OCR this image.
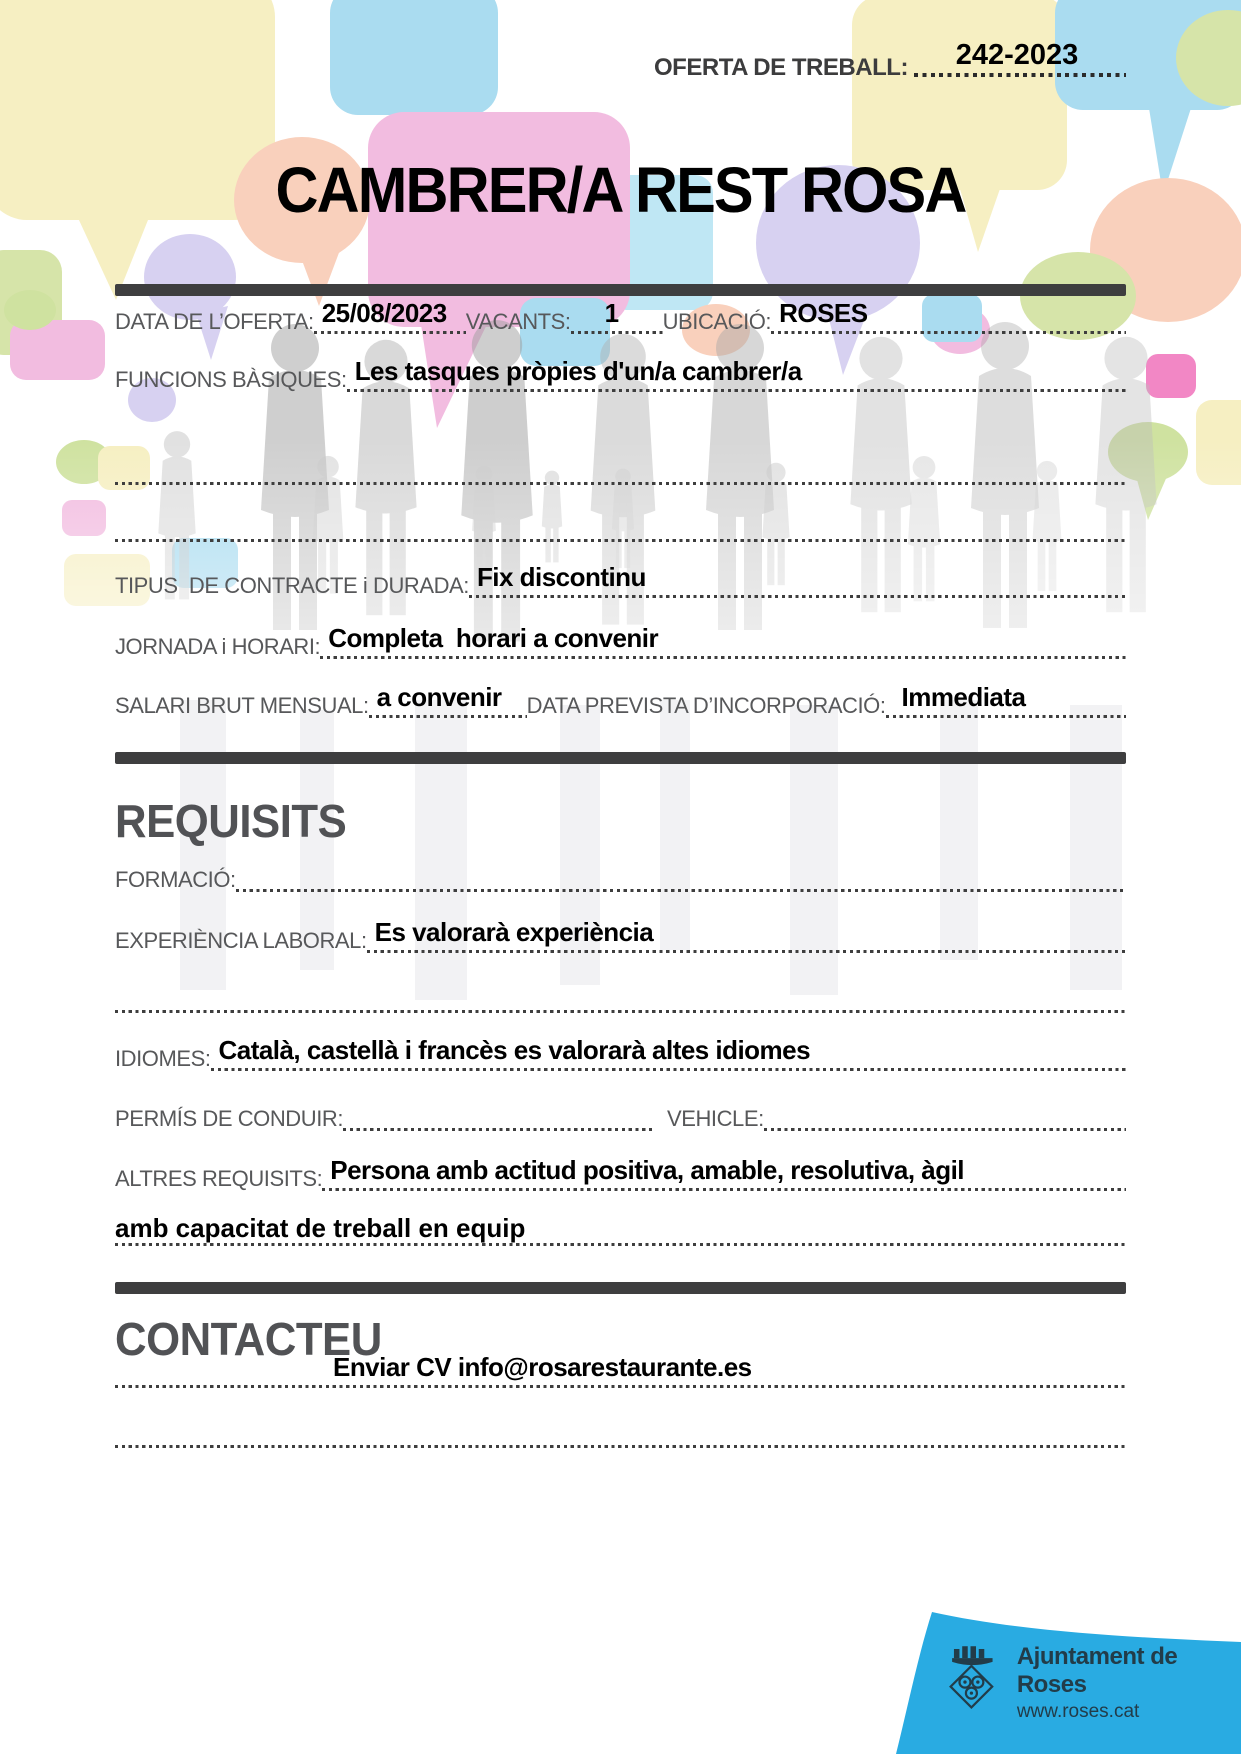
OFERTA DE TREBALL: 242-2023
CAMBRER/A REST ROSA
DATA DE L’OFERTA: 25/08/2023 VACANTS: 1 UBICACIÓ: ROSES
FUNCIONS BÀSIQUES: Les tasques pròpies d'un/a cambrer/a
TIPUS  DE CONTRACTE i DURADA: Fix discontinu
JORNADA i HORARI: Completa  horari a convenir
SALARI BRUT MENSUAL: a convenir DATA PREVISTA D’INCORPORACIÓ: Immediata
REQUISITS
FORMACIÓ:
EXPERIÈNCIA LABORAL: Es valorarà experiència
IDIOMES: Català, castellà i francès es valorarà altes idiomes
PERMÍS DE CONDUIR:	VEHICLE:
ALTRES REQUISITS: Persona amb actitud positiva, amable, resolutiva, àgil
amb capacitat de treball en equip
CONTACTEU
Enviar CV info@rosarestaurante.es
Ajuntament de Roses
www.roses.cat
